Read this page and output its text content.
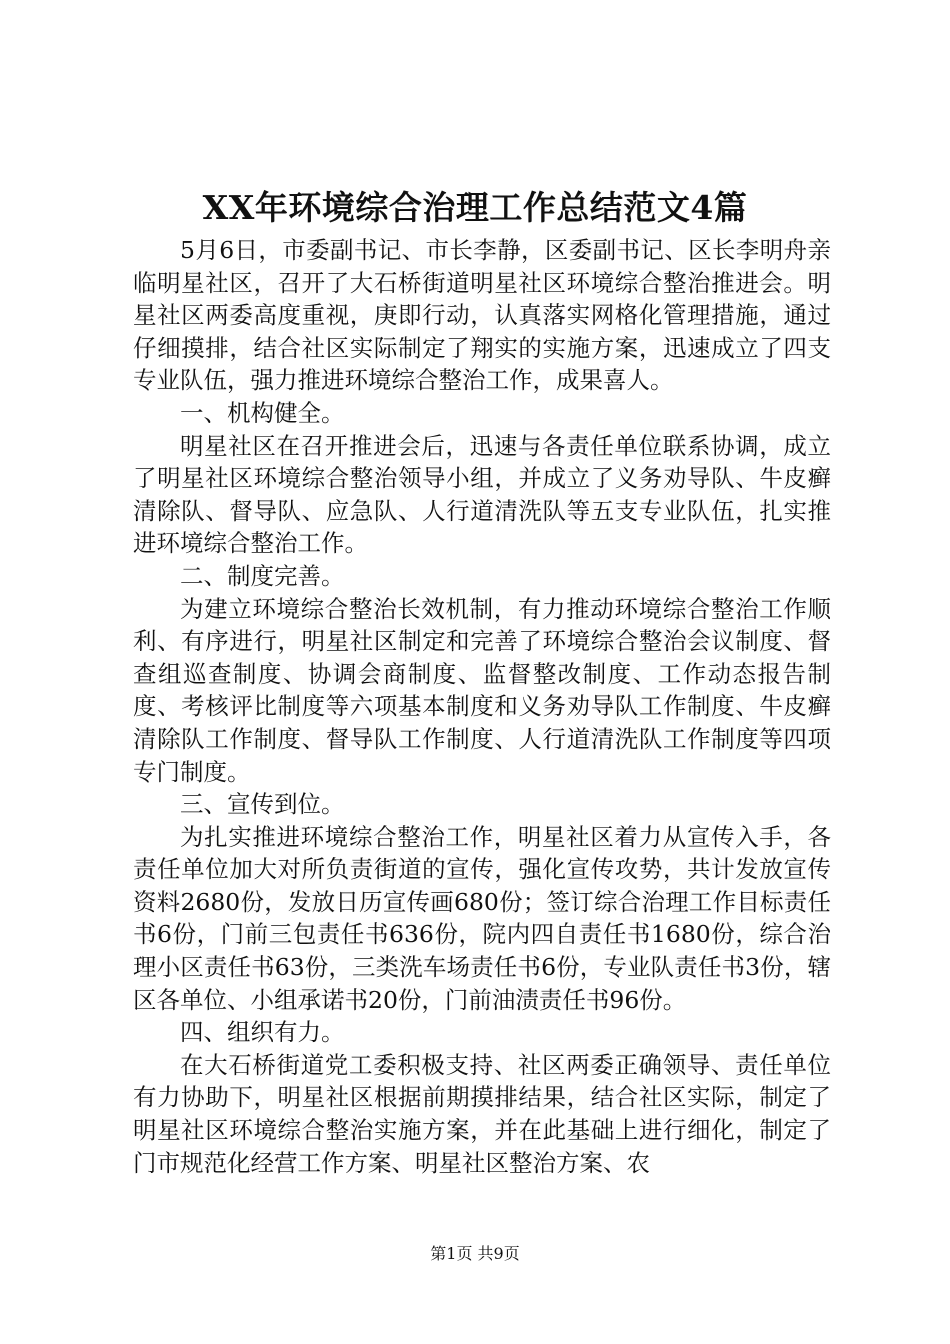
XX年环境综合治理工作总结范文4篇

5月6日，市委副书记、市长李静，区委副书记、区长李明舟亲临明星社区，召开了大石桥街道明星社区环境综合整治推进会。明星社区两委高度重视，庚即行动，认真落实网格化管理措施，通过仔细摸排，结合社区实际制定了翔实的实施方案，迅速成立了四支专业队伍，强力推进环境综合整治工作，成果喜人。

一、机构健全。

明星社区在召开推进会后，迅速与各责任单位联系协调，成立了明星社区环境综合整治领导小组，并成立了义务劝导队、牛皮癣清除队、督导队、应急队、人行道清洗队等五支专业队伍，扎实推进环境综合整治工作。

二、制度完善。

为建立环境综合整治长效机制，有力推动环境综合整治工作顺利、有序进行，明星社区制定和完善了环境综合整治会议制度、督查组巡查制度、协调会商制度、监督整改制度、工作动态报告制度、考核评比制度等六项基本制度和义务劝导队工作制度、牛皮癣清除队工作制度、督导队工作制度、人行道清洗队工作制度等四项专门制度。

三、宣传到位。

为扎实推进环境综合整治工作，明星社区着力从宣传入手，各责任单位加大对所负责街道的宣传，强化宣传攻势，共计发放宣传资料2680份，发放日历宣传画680份；签订综合治理工作目标责任书6份，门前三包责任书636份，院内四自责任书1680份，综合治理小区责任书63份，三类洗车场责任书6份，专业队责任书3份，辖区各单位、小组承诺书20份，门前油渍责任书96份。

四、组织有力。

在大石桥街道党工委积极支持、社区两委正确领导、责任单位有力协助下，明星社区根据前期摸排结果，结合社区实际，制定了明星社区环境综合整治实施方案，并在此基础上进行细化，制定了门市规范化经营工作方案、明星社区整治方案、农

第1页 共9页
